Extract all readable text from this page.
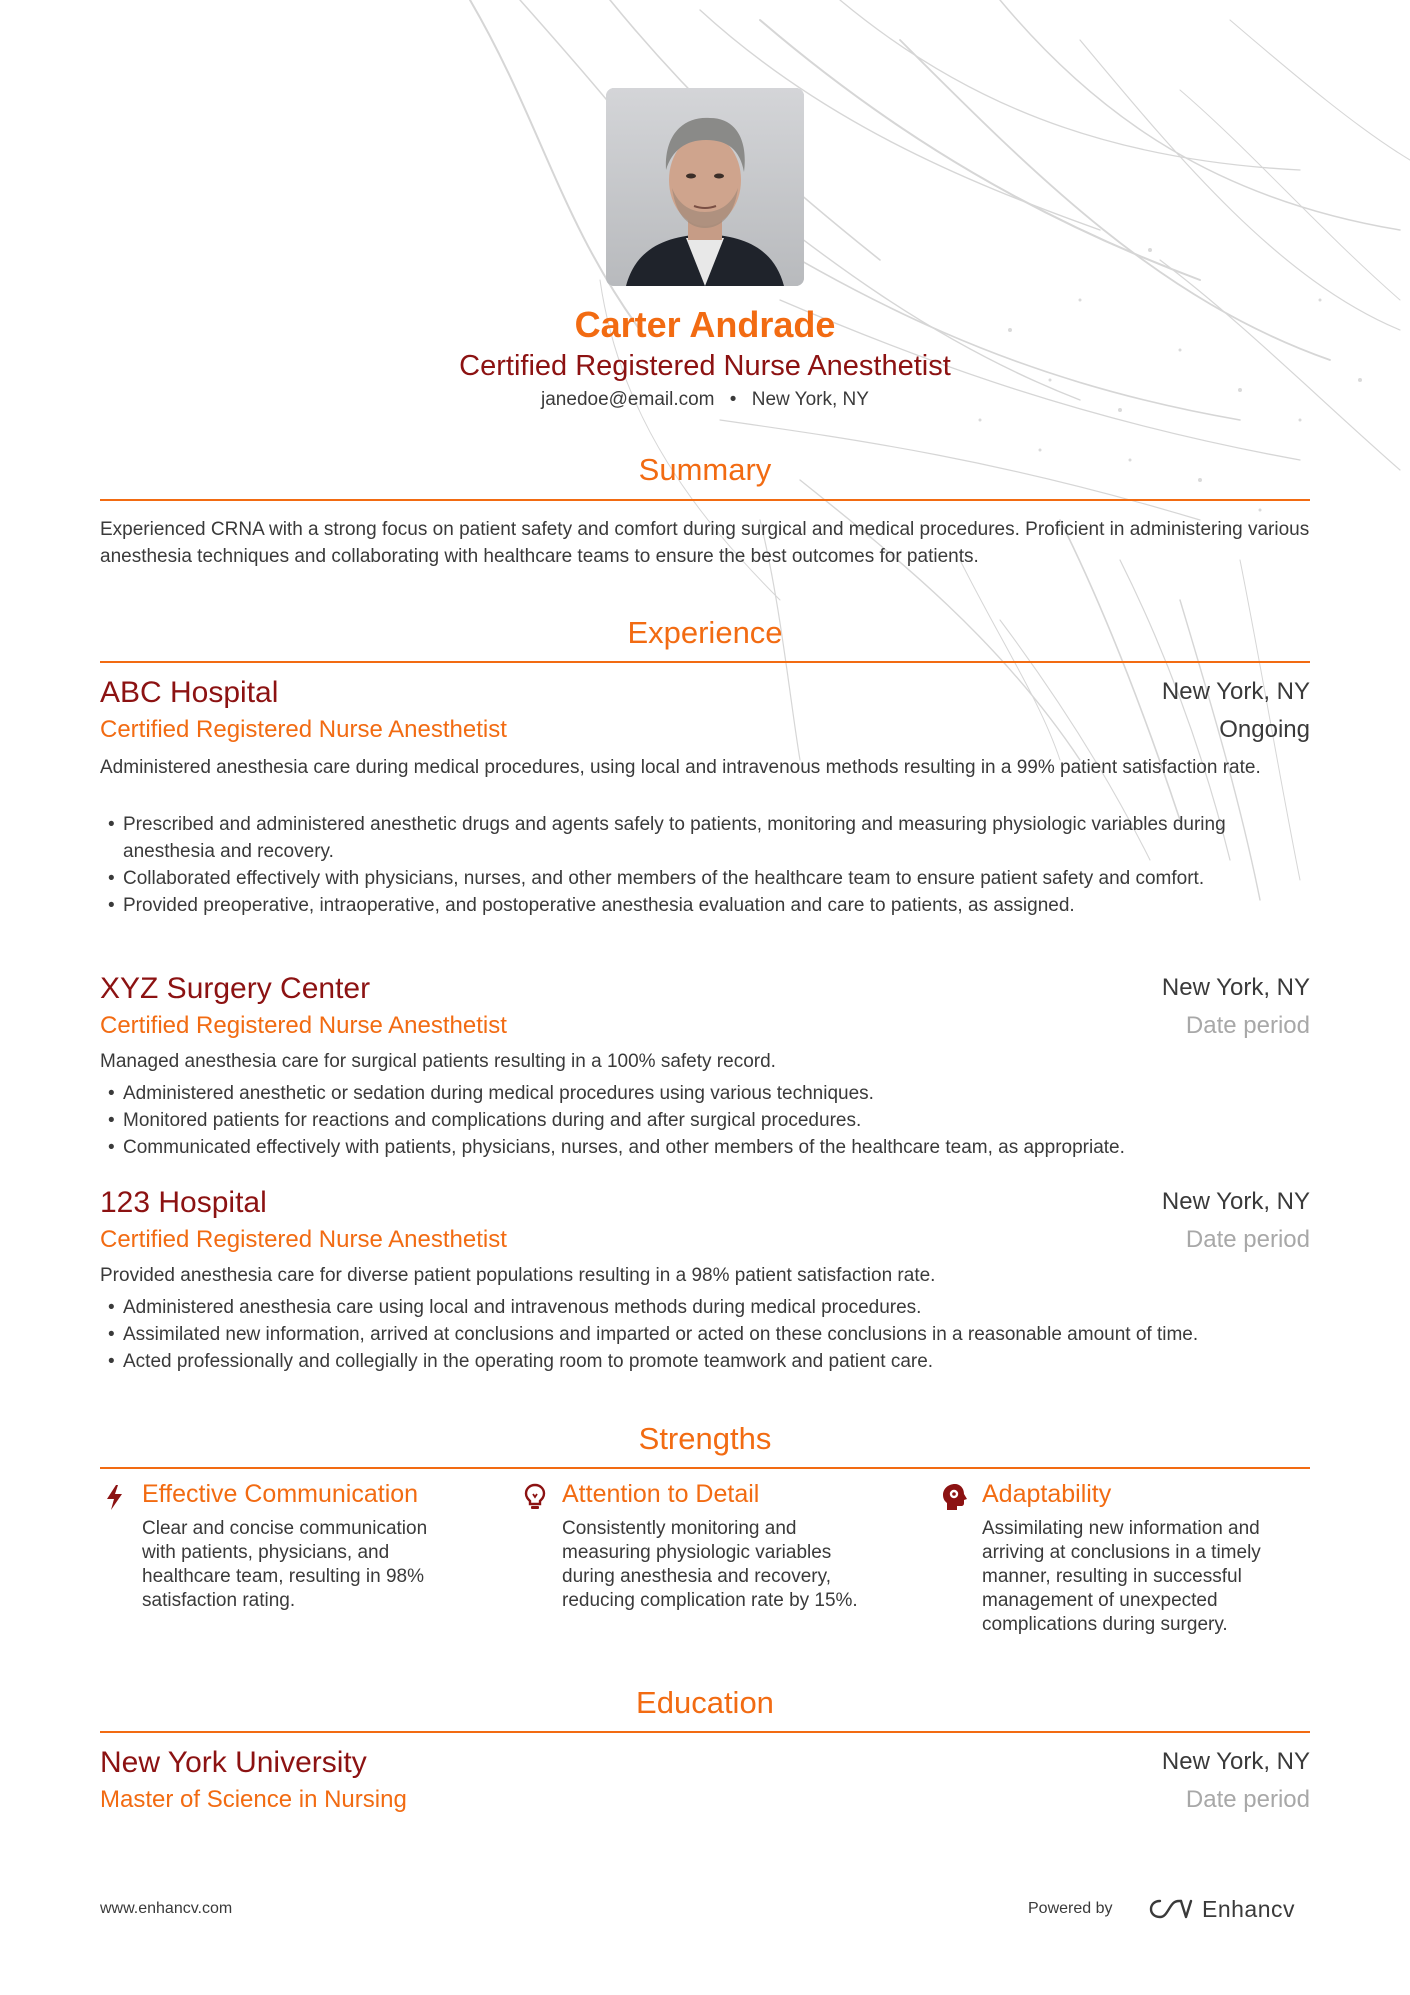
Carter Andrade
Certified Registered Nurse Anesthetist
janedoe@email.com • New York, NY
Summary
Experienced CRNA with a strong focus on patient safety and comfort during surgical and medical procedures. Proficient in administering various anesthesia techniques and collaborating with healthcare teams to ensure the best outcomes for patients.
Experience
ABC Hospital	New York, NY
Certified Registered Nurse Anesthetist	Ongoing
Administered anesthesia care during medical procedures, using local and intravenous methods resulting in a 99% patient satisfaction rate.
• Prescribed and administered anesthetic drugs and agents safely to patients, monitoring and measuring physiologic variables during anesthesia and recovery.
• Collaborated effectively with physicians, nurses, and other members of the healthcare team to ensure patient safety and comfort.
• Provided preoperative, intraoperative, and postoperative anesthesia evaluation and care to patients, as assigned.
XYZ Surgery Center	New York, NY
Certified Registered Nurse Anesthetist	Date period
Managed anesthesia care for surgical patients resulting in a 100% safety record.
• Administered anesthetic or sedation during medical procedures using various techniques.
• Monitored patients for reactions and complications during and after surgical procedures.
• Communicated effectively with patients, physicians, nurses, and other members of the healthcare team, as appropriate.
123 Hospital	New York, NY
Certified Registered Nurse Anesthetist	Date period
Provided anesthesia care for diverse patient populations resulting in a 98% patient satisfaction rate.
• Administered anesthesia care using local and intravenous methods during medical procedures.
• Assimilated new information, arrived at conclusions and imparted or acted on these conclusions in a reasonable amount of time.
• Acted professionally and collegially in the operating room to promote teamwork and patient care.
Strengths
Effective Communication
Clear and concise communication with patients, physicians, and healthcare team, resulting in 98% satisfaction rating.
Attention to Detail
Consistently monitoring and measuring physiologic variables during anesthesia and recovery, reducing complication rate by 15%.
Adaptability
Assimilating new information and arriving at conclusions in a timely manner, resulting in successful management of unexpected complications during surgery.
Education
New York University	New York, NY
Master of Science in Nursing	Date period
www.enhancv.com	Powered by	Enhancv
